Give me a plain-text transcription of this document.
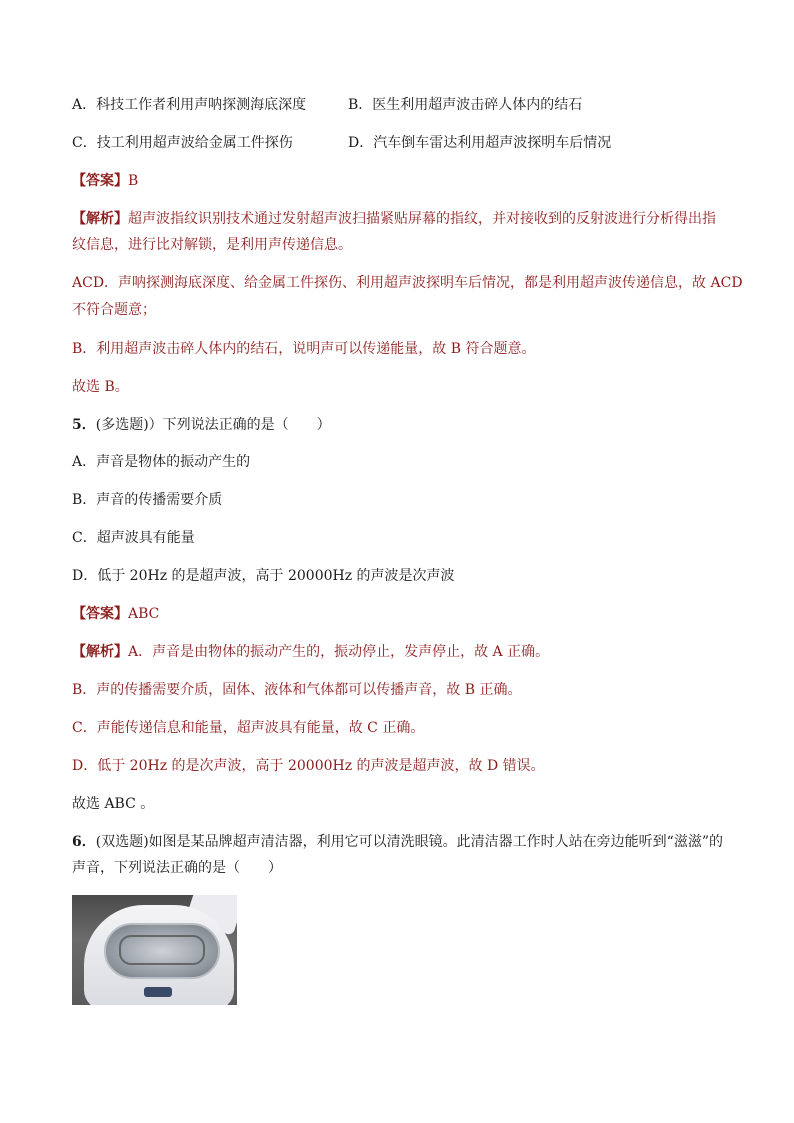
A．科技工作者利用声呐探测海底深度	B．医生利用超声波击碎人体内的结石
C．技工利用超声波给金属工件探伤	D．汽车倒车雷达利用超声波探明车后情况
【答案】B
【解析】超声波指纹识别技术通过发射超声波扫描紧贴屏幕的指纹，并对接收到的反射波进行分析得出指
纹信息，进行比对解锁，是利用声传递信息。
ACD．声呐探测海底深度、给金属工件探伤、利用超声波探明车后情况，都是利用超声波传递信息，故 ACD
不符合题意；
B．利用超声波击碎人体内的结石，说明声可以传递能量，故 B 符合题意。
故选 B。
5．(多选题)）下列说法正确的是（　　）
A．声音是物体的振动产生的
B．声音的传播需要介质
C．超声波具有能量
D．低于 20Hz 的是超声波，高于 20000Hz 的声波是次声波
【答案】ABC
【解析】A．声音是由物体的振动产生的，振动停止，发声停止，故 A 正确。
B．声的传播需要介质，固体、液体和气体都可以传播声音，故 B 正确。
C．声能传递信息和能量，超声波具有能量，故 C 正确。
D．低于 20Hz 的是次声波，高于 20000Hz 的声波是超声波，故 D 错误。
故选 ABC 。
6．(双选题)如图是某品牌超声清洁器，利用它可以清洗眼镜。此清洁器工作时人站在旁边能听到“滋滋”的
声音，下列说法正确的是（　　）
